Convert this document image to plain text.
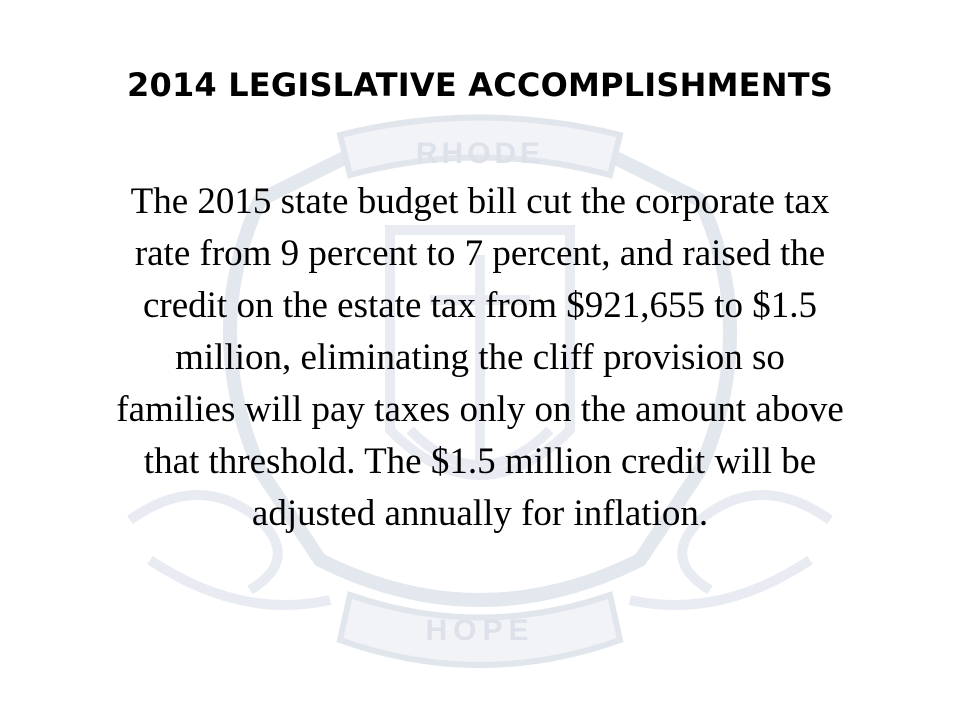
RHODE
HOPE
2014 LEGISLATIVE ACCOMPLISHMENTS
The 2015 state budget bill cut the corporate tax
rate from 9 percent to 7 percent, and raised the
credit on the estate tax from $921,655 to $1.5
million, eliminating the cliff provision so
families will pay taxes only on the amount above
that threshold. The $1.5 million credit will be
adjusted annually for inflation.
